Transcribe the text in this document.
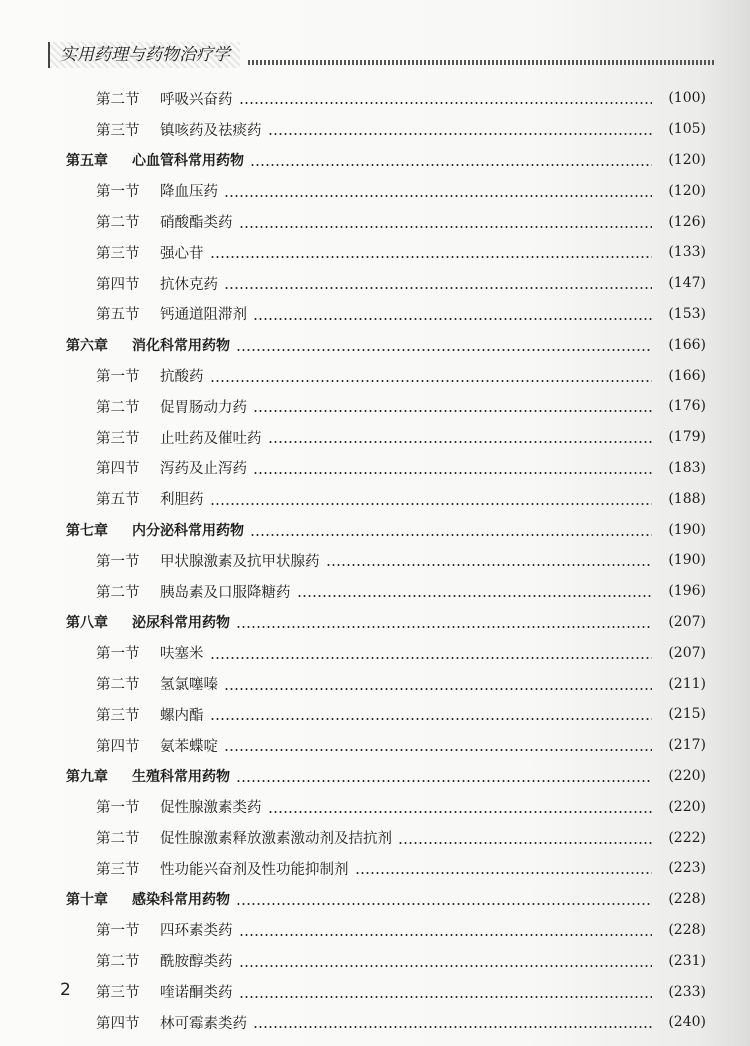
实用药理与药物治疗学
第二节	呼吸兴奋药	(100)
第三节	镇咳药及祛痰药	(105)
第五章	心血管科常用药物	(120)
第一节	降血压药	(120)
第二节	硝酸酯类药	(126)
第三节	强心苷	(133)
第四节	抗休克药	(147)
第五节	钙通道阻滞剂	(153)
第六章	消化科常用药物	(166)
第一节	抗酸药	(166)
第二节	促胃肠动力药	(176)
第三节	止吐药及催吐药	(179)
第四节	泻药及止泻药	(183)
第五节	利胆药	(188)
第七章	内分泌科常用药物	(190)
第一节	甲状腺激素及抗甲状腺药	(190)
第二节	胰岛素及口服降糖药	(196)
第八章	泌尿科常用药物	(207)
第一节	呋塞米	(207)
第二节	氢氯噻嗪	(211)
第三节	螺内酯	(215)
第四节	氨苯蝶啶	(217)
第九章	生殖科常用药物	(220)
第一节	促性腺激素类药	(220)
第二节	促性腺激素释放激素激动剂及拮抗剂	(222)
第三节	性功能兴奋剂及性功能抑制剂	(223)
第十章	感染科常用药物	(228)
第一节	四环素类药	(228)
第二节	酰胺醇类药	(231)
第三节	喹诺酮类药	(233)
第四节	林可霉素类药	(240)
2
